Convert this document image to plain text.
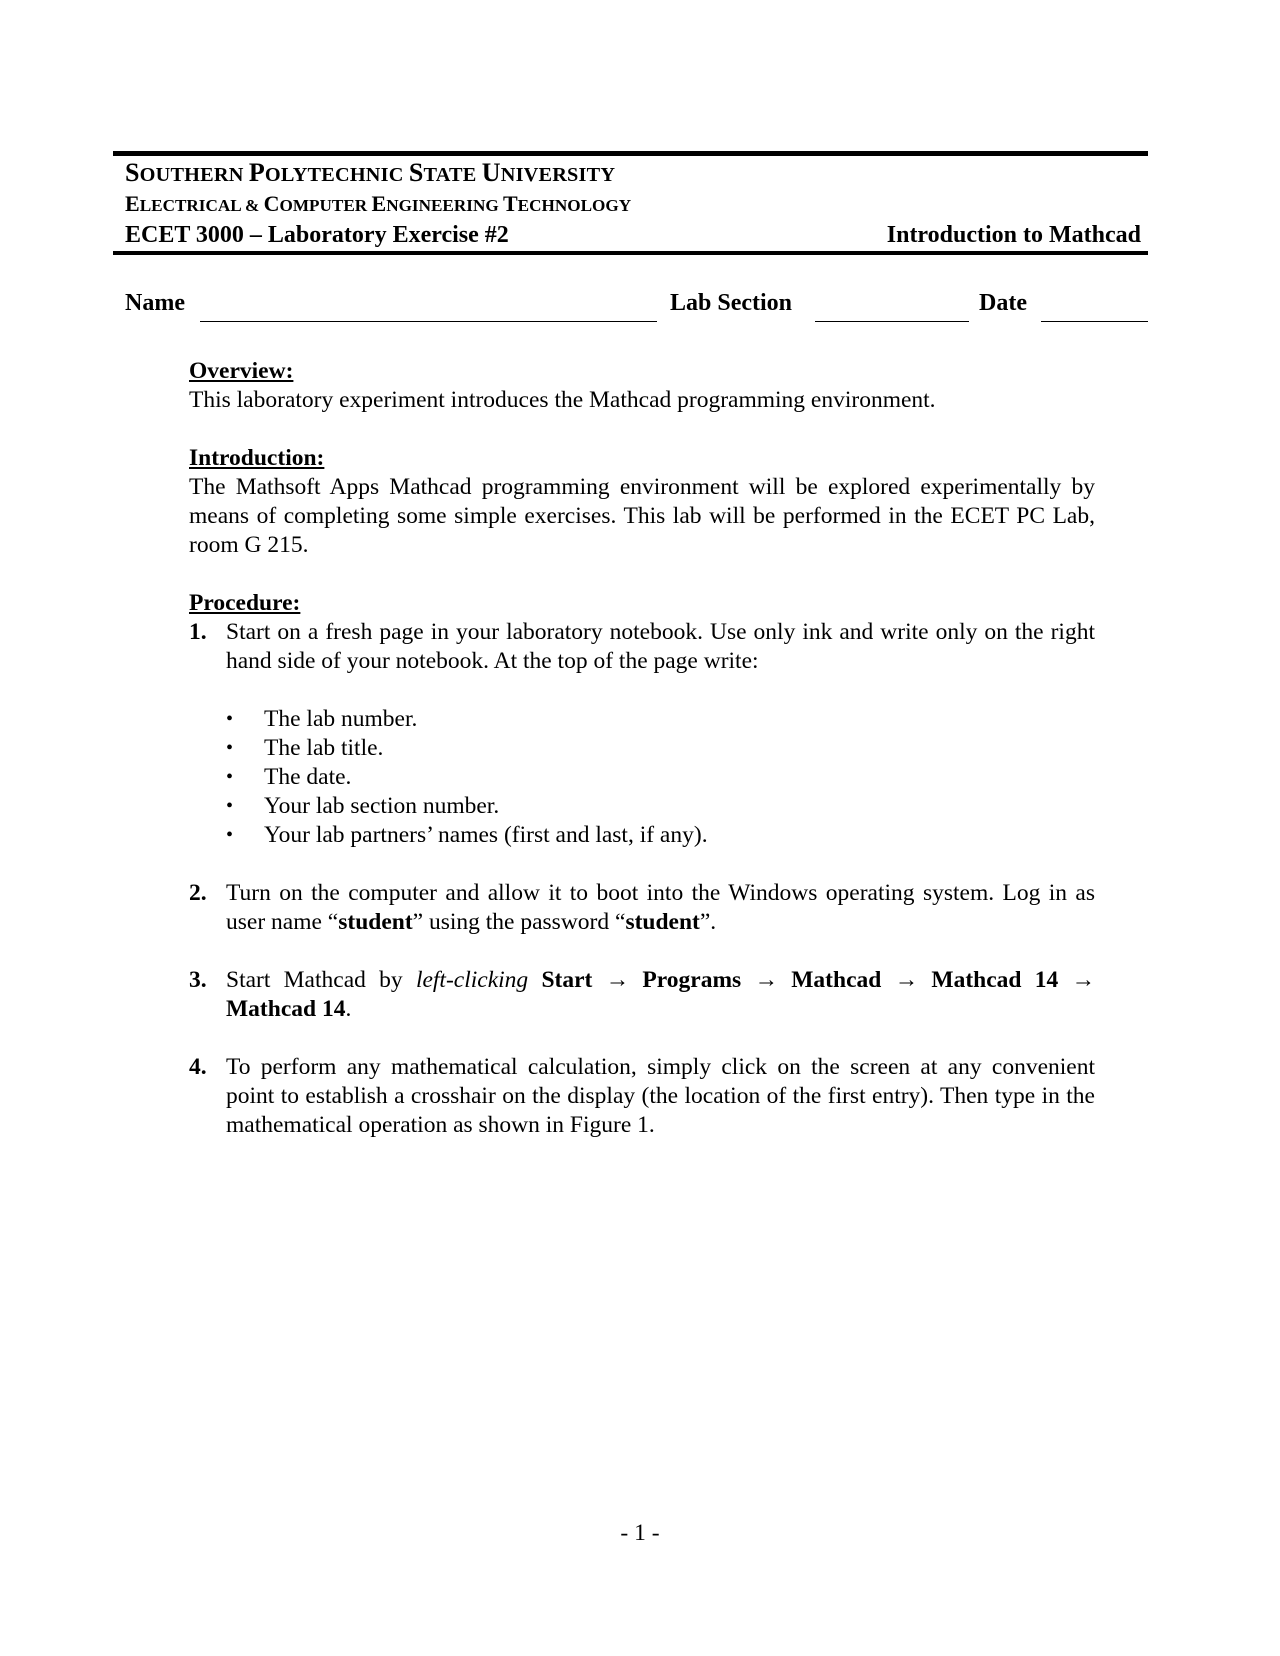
SOUTHERN POLYTECHNIC STATE UNIVERSITY
ELECTRICAL & COMPUTER ENGINEERING TECHNOLOGY
ECET 3000 – Laboratory Exercise #2	Introduction to Mathcad
Name	Lab Section	Date

Overview:

This laboratory experiment introduces the Mathcad programming environment.

Introduction:

The Mathsoft Apps Mathcad programming environment will be explored experimentally by means of completing some simple exercises. This lab will be performed in the ECET PC Lab, room G 215.

Procedure:

1. Start on a fresh page in your laboratory notebook. Use only ink and write only on the right hand side of your notebook. At the top of the page write:
• The lab number.
• The lab title.
• The date.
• Your lab section number.
• Your lab partners’ names (first and last, if any).
2. Turn on the computer and allow it to boot into the Windows operating system. Log in as user name “student” using the password “student”.
3. Start Mathcad by left-clicking Start → Programs → Mathcad → Mathcad 14 → Mathcad 14.
4. To perform any mathematical calculation, simply click on the screen at any convenient point to establish a crosshair on the display (the location of the first entry). Then type in the mathematical operation as shown in Figure 1.
- 1 -
